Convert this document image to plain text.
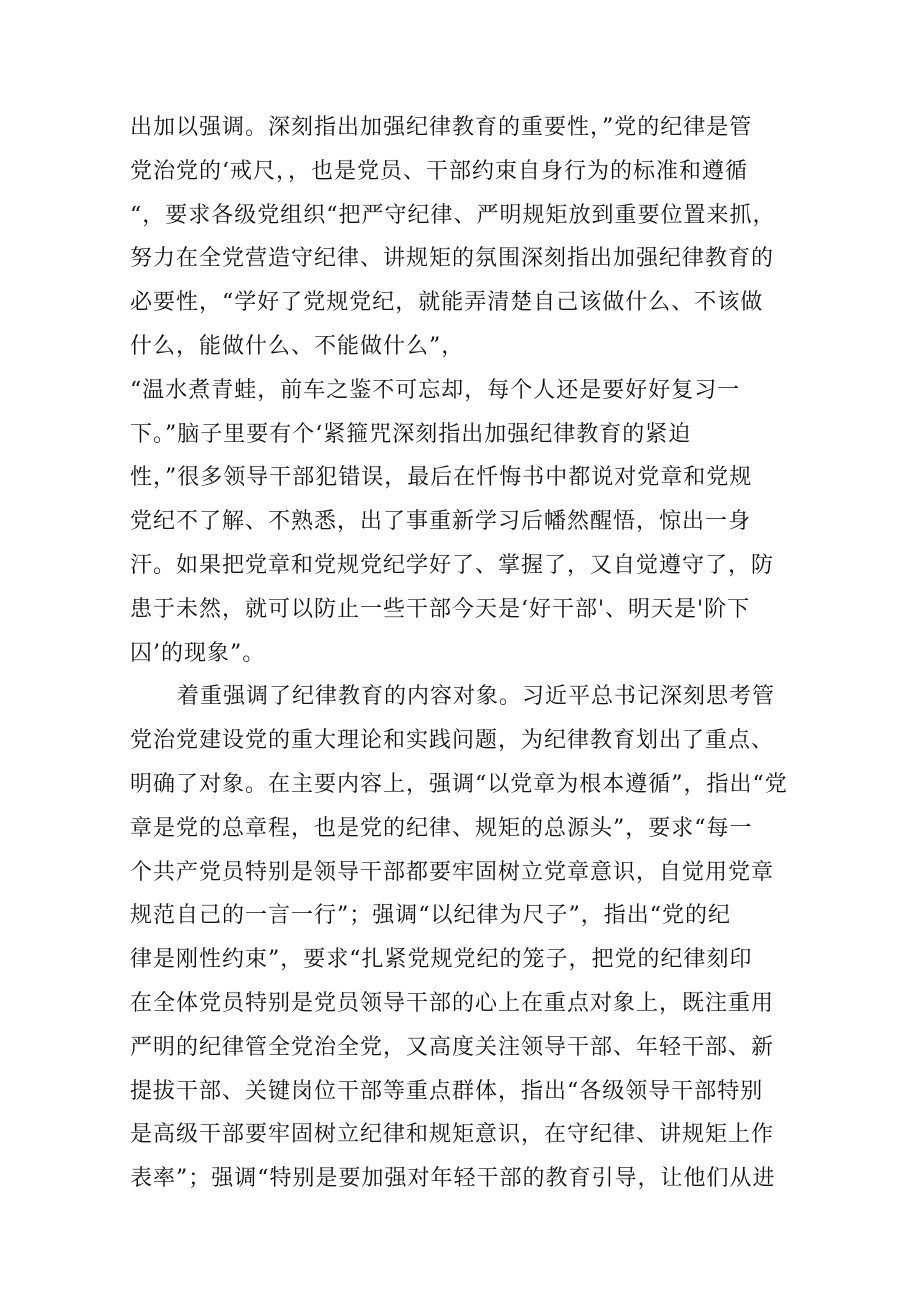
出加以强调。深刻指出加强纪律教育的重要性，”党的纪律是管
党治党的‘戒尺，，也是党员、干部约束自身行为的标准和遵循
“，要求各级党组织“把严守纪律、严明规矩放到重要位置来抓，
努力在全党营造守纪律、讲规矩的氛围深刻指出加强纪律教育的
必要性，“学好了党规党纪，就能弄清楚自己该做什么、不该做
什么，能做什么、不能做什么”，
“温水煮青蛙，前车之鉴不可忘却，每个人还是要好好复习一
下。”脑子里要有个‘紧箍咒深刻指出加强纪律教育的紧迫
性，”很多领导干部犯错误，最后在忏悔书中都说对党章和党规
党纪不了解、不熟悉，出了事重新学习后幡然醒悟，惊出一身
汗。如果把党章和党规党纪学好了、掌握了，又自觉遵守了，防
患于未然，就可以防止一些干部今天是‘好干部'、明天是'阶下
囚’的现象”。
着重强调了纪律教育的内容对象。习近平总书记深刻思考管
党治党建设党的重大理论和实践问题，为纪律教育划出了重点、
明确了对象。在主要内容上，强调“以党章为根本遵循”，指出“党
章是党的总章程，也是党的纪律、规矩的总源头”，要求“每一
个共产党员特别是领导干部都要牢固树立党章意识，自觉用党章
规范自己的一言一行”；强调“以纪律为尺子”，指出“党的纪
律是刚性约束”，要求“扎紧党规党纪的笼子，把党的纪律刻印
在全体党员特别是党员领导干部的心上在重点对象上，既注重用
严明的纪律管全党治全党，又高度关注领导干部、年轻干部、新
提拔干部、关键岗位干部等重点群体，指出“各级领导干部特别
是高级干部要牢固树立纪律和规矩意识，在守纪律、讲规矩上作
表率”；强调“特别是要加强对年轻干部的教育引导，让他们从进
